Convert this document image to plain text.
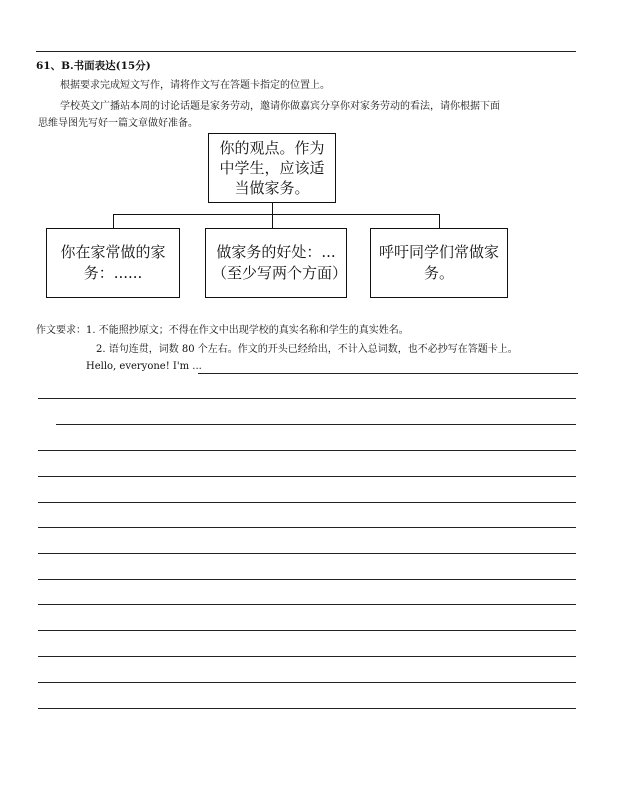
61、B.书面表达(15分)
根据要求完成短文写作，请将作文写在答题卡指定的位置上。
学校英文广播站本周的讨论话题是家务劳动，邀请你做嘉宾分享你对家务劳动的看法，请你根据下面
思维导图先写好一篇文章做好准备。
你的观点。作为中学生，应该适当做家务。
你在家常做的家务：......
做家务的好处：...（至少写两个方面）
呼吁同学们常做家务。
作文要求：1. 不能照抄原文；不得在作文中出现学校的真实名称和学生的真实姓名。
2. 语句连贯，词数 80 个左右。作文的开头已经给出，不计入总词数，也不必抄写在答题卡上。
Hello, everyone! I'm ...
